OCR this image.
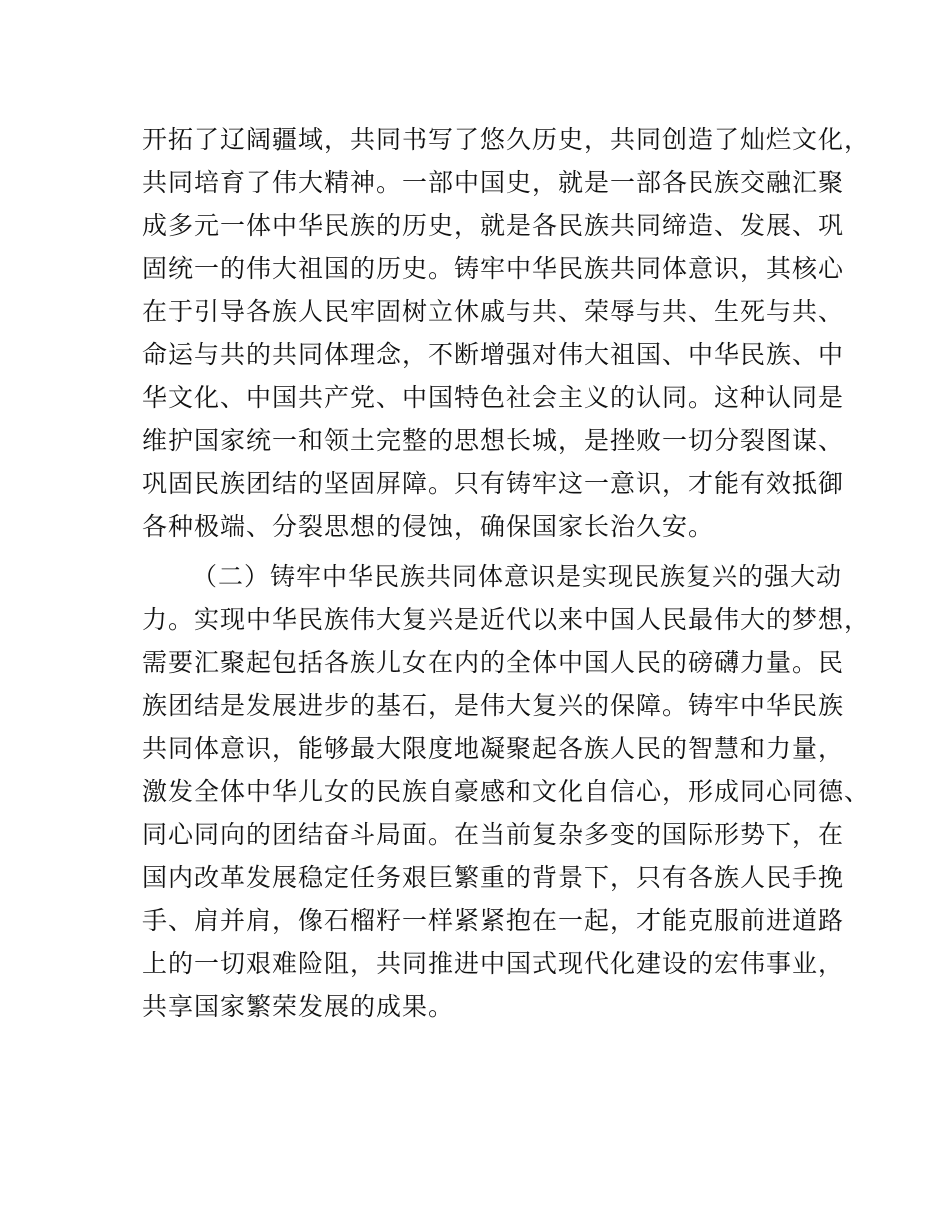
开拓了辽阔疆域，共同书写了悠久历史，共同创造了灿烂文化，
共同培育了伟大精神。一部中国史，就是一部各民族交融汇聚
成多元一体中华民族的历史，就是各民族共同缔造、发展、巩
固统一的伟大祖国的历史。铸牢中华民族共同体意识，其核心
在于引导各族人民牢固树立休戚与共、荣辱与共、生死与共、
命运与共的共同体理念，不断增强对伟大祖国、中华民族、中
华文化、中国共产党、中国特色社会主义的认同。这种认同是
维护国家统一和领土完整的思想长城，是挫败一切分裂图谋、
巩固民族团结的坚固屏障。只有铸牢这一意识，才能有效抵御
各种极端、分裂思想的侵蚀，确保国家长治久安。
（二）铸牢中华民族共同体意识是实现民族复兴的强大动
力。实现中华民族伟大复兴是近代以来中国人民最伟大的梦想，
需要汇聚起包括各族儿女在内的全体中国人民的磅礴力量。民
族团结是发展进步的基石，是伟大复兴的保障。铸牢中华民族
共同体意识，能够最大限度地凝聚起各族人民的智慧和力量，
激发全体中华儿女的民族自豪感和文化自信心，形成同心同德、
同心同向的团结奋斗局面。在当前复杂多变的国际形势下，在
国内改革发展稳定任务艰巨繁重的背景下，只有各族人民手挽
手、肩并肩，像石榴籽一样紧紧抱在一起，才能克服前进道路
上的一切艰难险阻，共同推进中国式现代化建设的宏伟事业，
共享国家繁荣发展的成果。
